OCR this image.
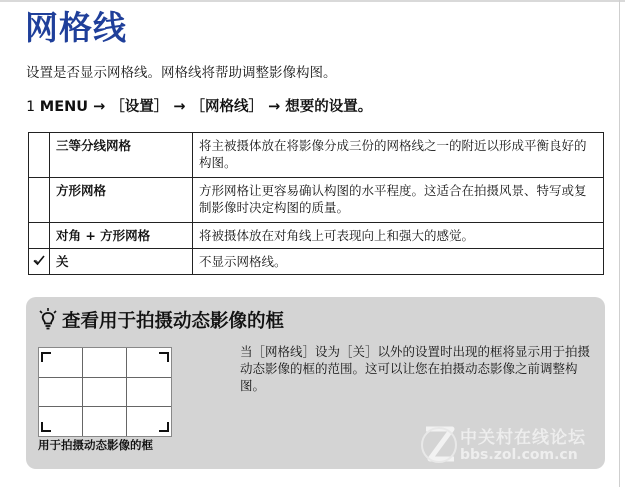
网格线
设置是否显示网格线。网格线将帮助调整影像构图。
1 MENU → ［设置］ → ［网格线］ → 想要的设置。
	三等分线网格	将主被摄体放在将影像分成三份的网格线之一的附近以形成平衡良好的构图。
	方形网格	方形网格让更容易确认构图的水平程度。这适合在拍摄风景、特写或复制影像时决定构图的质量。
	对角 + 方形网格	将被摄体放在对角线上可表现向上和强大的感觉。
	关	不显示网格线。
查看用于拍摄动态影像的框
用于拍摄动态影像的框
当［网格线］设为［关］以外的设置时出现的框将显示用于拍摄动态影像的框的范围。这可以让您在拍摄动态影像之前调整构图。
中关村在线论坛
bbs.zol.com.cn
